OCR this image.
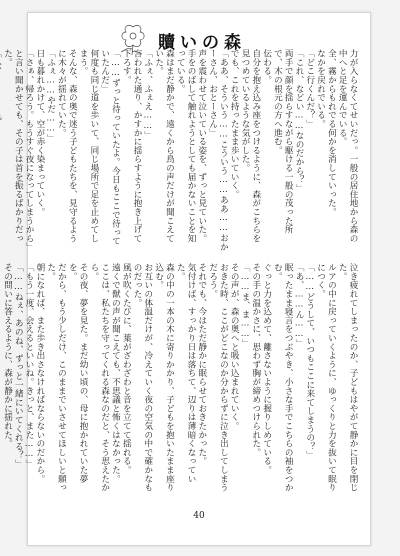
贖いの森

力が入らなくてせいだっ。一般の居住地から森の中へと足を運んでいる。

全、霧からもれでる何かを消していった。

なかを戻れでいる。

「どこ行くんだ？」

「これ、などい……なのだから？」

両手で顔を揺らすながら駆ける一般の茂った所で、木の根元の方へ進む。

伝わる。

自分を抱え込み座をつけるように、森がこちらを見つめているような気がした。

でも、これを持ったまま歩いていく。

「ああ、そういう……こういう……ああ……おかーさん、おとーさん」

声を震わせて泣いている姿を、ずっと見ていた。

手をのばして触れようとしても届かないことを知っている。

森はまだ静かで、遠くから鳥の声だけが聞こえていた。

「ふぇ、ふぇえ……」

言われた通り、かすかに揺らすように抱き上げて下ろす。

「……ずっと待っていたよ。今日もここで待っていたんだ」

何度も同じ道を歩いて、同じ場所で足を止めてしまう。

そんな、森の奥で迷う子どもたちを、見守るように木々が揺れていた。

「ふぇ……やだ……」

日も暮れかけて、空が赤く染まっていく。

「さぁ、帰ろう。もうすぐ夜になってしまうから」

と言い聞かせても、その子は首を振るばかりだった。

泣き疲れてしまったのか、子どもはやがて静かに目を閉じた。

ルアの中に戻っていくように、ゆっくりと力を抜いて眠りにつく。

「……どうして、いつもここに来てしまうの？」

「あ、……ん……」

眠ったまま寝言をつぶやき、小さな手でこちらの袖をつかむ。

ぐっと力を込めて、離さないように握りしめている。

その手の温かさに、思わず胸が締めつけられた。

「……ま、ま……」

その声が、森の奥へと吸い込まれていく。

おきた時、ここがどこなのか分からずに泣き出してしまうだろう。

それでも、今はただ静かに眠らせておきたかった。

気付けば、すっかり日は落ちて、辺りは薄暗くなっていた。

森の中の一本の木に寄りかかり、子どもを抱いたまま座り込む。

お互いの体温だけが、冷えていく夜の空気の中で確かなものだった。

風が吹くたびに、葉がざわざわと音を立てて揺れる。

遠くで獣の声が聞こえても、不思議と怖くはなかった。

ここは、私たちを守ってくれる森なのだと、そう思えたから。

その夜、夢を見た。まだ幼い頃の、母に抱かれていた夢を。

だから、もう少しだけ、このままでいさせてほしいと願った。

朝になれば、また歩き出さなければならないのだから。

「もう一度、会えるといいね。きっと、また……」

「……ねぇ、あのね、ずっと一緒にいてくれる？」

その問いに答えるように、森が静かに揺れた。

40
